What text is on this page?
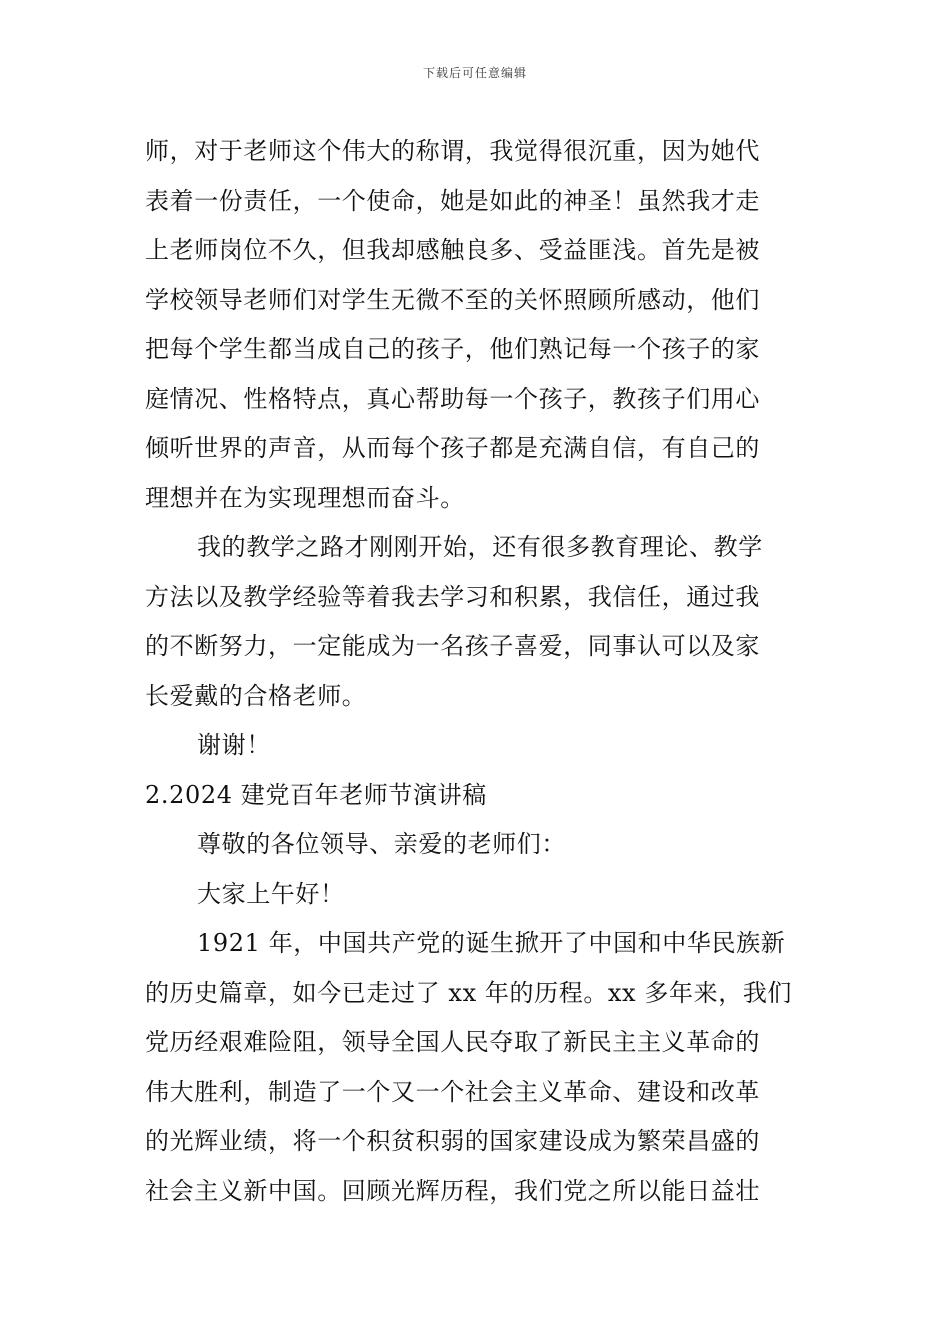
下载后可任意编辑
师，对于老师这个伟大的称谓，我觉得很沉重，因为她代
表着一份责任，一个使命，她是如此的神圣！虽然我才走
上老师岗位不久，但我却感触良多、受益匪浅。首先是被
学校领导老师们对学生无微不至的关怀照顾所感动，他们
把每个学生都当成自己的孩子，他们熟记每一个孩子的家
庭情况、性格特点，真心帮助每一个孩子，教孩子们用心
倾听世界的声音，从而每个孩子都是充满自信，有自己的
理想并在为实现理想而奋斗。
我的教学之路才刚刚开始，还有很多教育理论、教学
方法以及教学经验等着我去学习和积累，我信任，通过我
的不断努力，一定能成为一名孩子喜爱，同事认可以及家
长爱戴的合格老师。
谢谢！
2.2024 建党百年老师节演讲稿
尊敬的各位领导、亲爱的老师们：
大家上午好！
1921 年，中国共产党的诞生掀开了中国和中华民族新
的历史篇章，如今已走过了 xx 年的历程。xx 多年来，我们
党历经艰难险阻，领导全国人民夺取了新民主主义革命的
伟大胜利，制造了一个又一个社会主义革命、建设和改革
的光辉业绩，将一个积贫积弱的国家建设成为繁荣昌盛的
社会主义新中国。回顾光辉历程，我们党之所以能日益壮
